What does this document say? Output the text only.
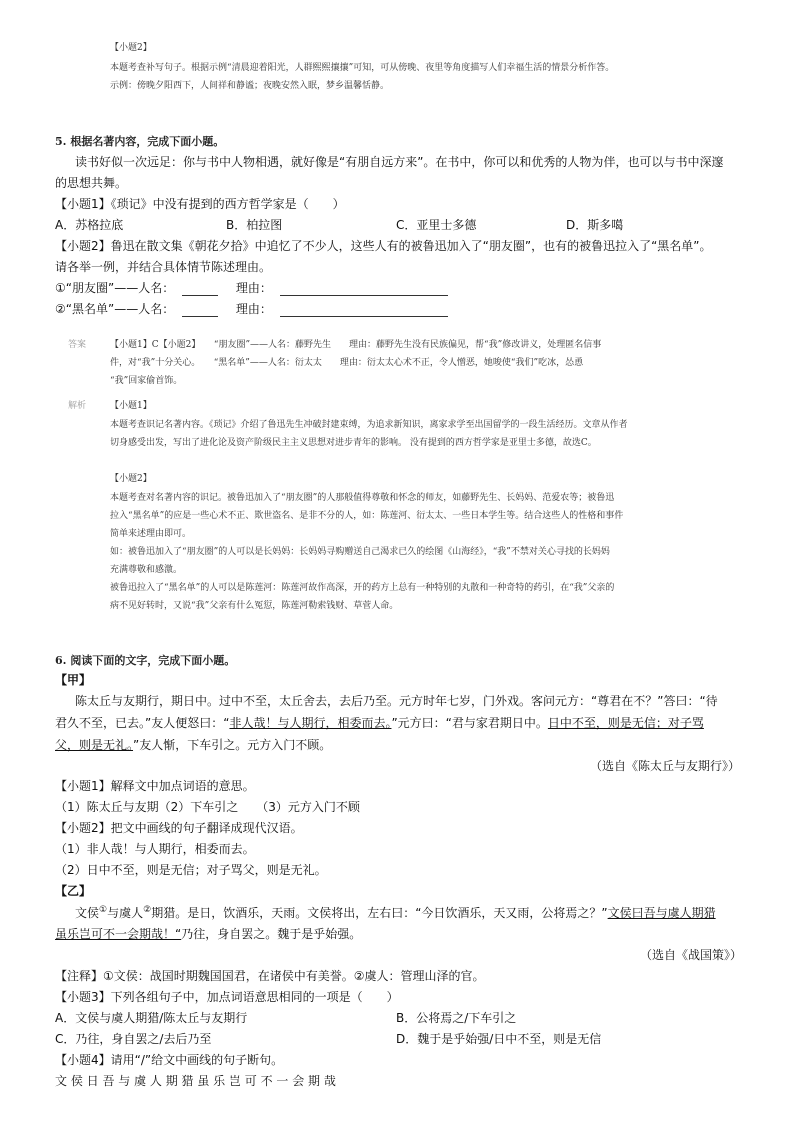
【小题2】
本题考查补写句子。根据示例“清晨迎着阳光，人群熙熙攘攘”可知，可从傍晚、夜里等角度描写人们幸福生活的情景分析作答。
示例：傍晚夕阳西下，人间祥和静谧；夜晚安然入眠，梦乡温馨恬静。
5. 根据名著内容，完成下面小题。
读书好似一次远足：你与书中人物相遇，就好像是“有朋自远方来”。在书中，你可以和优秀的人物为伴，也可以与书中深邃
的思想共舞。
【小题1】《琐记》中没有提到的西方哲学家是（　　）
A．苏格拉底	B．柏拉图	C．亚里士多德	D．斯多噶
【小题2】鲁迅在散文集《朝花夕拾》中追忆了不少人，这些人有的被鲁迅加入了“朋友圈”，也有的被鲁迅拉入了“黑名单”。
请各举一例，并结合具体情节陈述理由。
①“朋友圈”——人名：	理由：
②“黑名单”——人名：	理由：
答案	【小题1】C【小题2】　　“朋友圈”——人名：藤野先生　　理由：藤野先生没有民族偏见，帮“我”修改讲义，处理匿名信事
件，对“我”十分关心。　　“黑名单”——人名：衍太太　　理由：衍太太心术不正，令人憎恶，她唆使“我们”吃冰，怂恿
“我”回家偷首饰。
解析	【小题1】
本题考查识记名著内容。《琐记》介绍了鲁迅先生冲破封建束缚，为追求新知识，离家求学至出国留学的一段生活经历。文章从作者
切身感受出发，写出了进化论及资产阶级民主主义思想对进步青年的影响。 没有提到的西方哲学家是亚里士多德，故选C。
【小题2】
本题考查对名著内容的识记。被鲁迅加入了“朋友圈”的人那般值得尊敬和怀念的师友，如藤野先生、长妈妈、范爱农等；被鲁迅
拉入“黑名单”的应是一些心术不正、欺世盗名、是非不分的人，如：陈莲河、衍太太、一些日本学生等。结合这些人的性格和事件
简单来述理由即可。
如：被鲁迅加入了“朋友圈”的人可以是长妈妈：长妈妈寻购赠送自己渴求已久的绘图《山海经》，“我”不禁对关心寻找的长妈妈
充满尊敬和感激。
被鲁迅拉入了“黑名单”的人可以是陈莲河：陈莲河故作高深，开的药方上总有一种特别的丸散和一种奇特的药引，在“我”父亲的
病不见好转时，又说“我”父亲有什么冤愆，陈莲河勒索钱财、草菅人命。
6. 阅读下面的文字，完成下面小题。
【甲】
陈太丘与友期行，期日中。过中不至，太丘舍去，去后乃至。元方时年七岁，门外戏。客问元方：“尊君在不？”答曰：“待
君久不至，已去。”友人便怒曰：“非人哉！与人期行，相委而去。”元方曰：“君与家君期日中。日中不至，则是无信；对子骂
父，则是无礼。”友人惭，下车引之。元方入门不顾。
（选自《陈太丘与友期行》）
【小题1】解释文中加点词语的意思。
（1）陈太丘与友期（2）下车引之　　（3）元方入门不顾
【小题2】把文中画线的句子翻译成现代汉语。
（1）非人哉！与人期行，相委而去。
（2）日中不至，则是无信；对子骂父，则是无礼。
【乙】
文侯①与虞人②期猎。是日，饮酒乐，天雨。文侯将出，左右曰：“今日饮酒乐，天又雨，公将焉之？”文侯曰吾与虞人期猎
虽乐岂可不一会期哉！“乃往，身自罢之。魏于是乎始强。
（选自《战国策》）
【注释】①文侯：战国时期魏国国君，在诸侯中有美誉。②虞人：管理山泽的官。
【小题3】下列各组句子中，加点词语意思相同的一项是（　　）
A．文侯与虞人期猎/陈太丘与友期行	B．公将焉之/下车引之
C．乃往，身自罢之/去后乃至	D．魏于是乎始强/日中不至，则是无信
【小题4】请用“/”给文中画线的句子断句。
文 侯 日 吾 与 虞 人 期 猎 虽 乐 岂 可 不 一 会 期 哉
